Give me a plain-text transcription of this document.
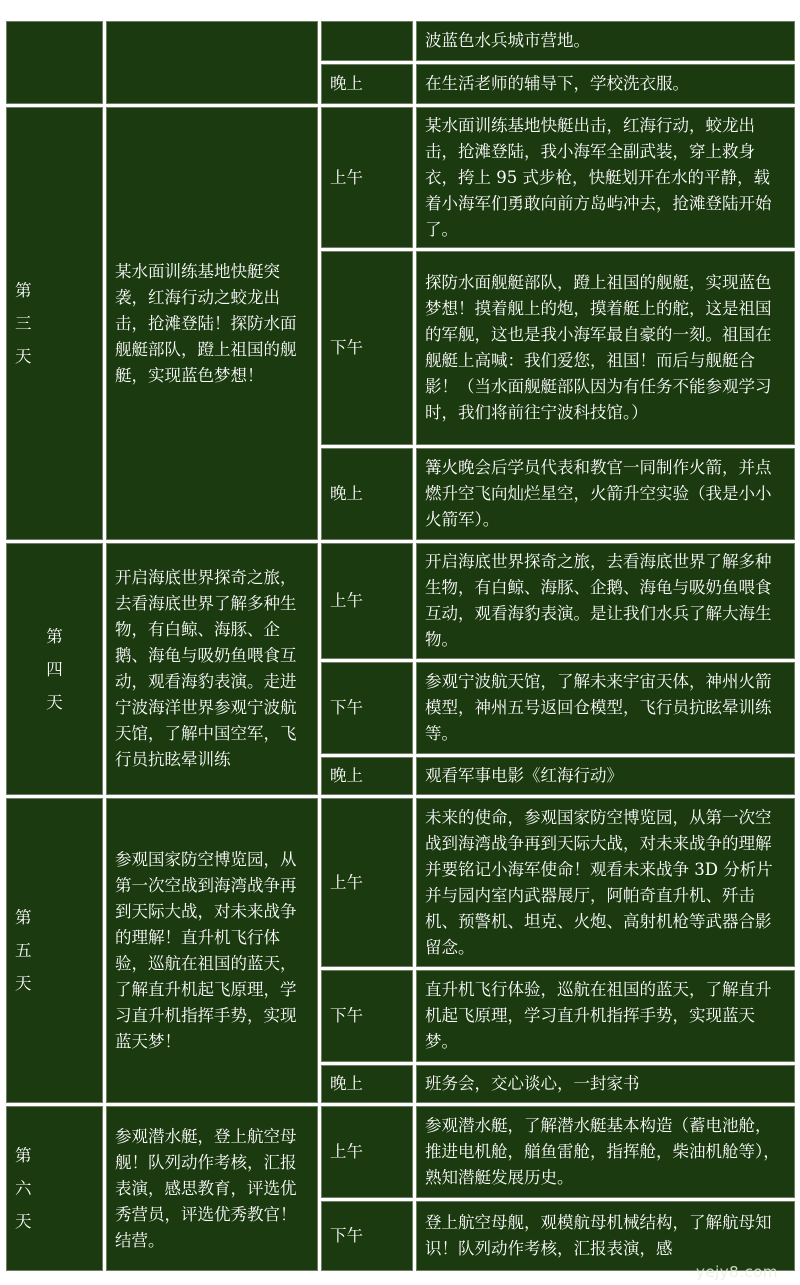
			波蓝色水兵城市营地。
		晚上	在生活老师的辅导下，学校洗衣服。
第三天	某水面训练基地快艇突袭，红海行动之蛟龙出击，抢滩登陆！探防水面舰艇部队，蹬上祖国的舰艇，实现蓝色梦想！	上午	某水面训练基地快艇出击，红海行动，蛟龙出击，抢滩登陆，我小海军全副武装，穿上救身衣，挎上 95 式步枪，快艇划开在水的平静，载着小海军们勇敢向前方岛屿冲去，抢滩登陆开始了。
		下午	探防水面舰艇部队，蹬上祖国的舰艇，实现蓝色梦想！摸着舰上的炮，摸着艇上的舵，这是祖国的军舰，这也是我小海军最自豪的一刻。祖国在舰艇上高喊：我们爱您，祖国！而后与舰艇合影！（当水面舰艇部队因为有任务不能参观学习时，我们将前往宁波科技馆。）
		晚上	篝火晚会后学员代表和教官一同制作火箭，并点燃升空飞向灿烂星空，火箭升空实验（我是小小火箭军）。
第四天	开启海底世界探奇之旅，去看海底世界了解多种生物，有白鲸、海豚、企鹅、海龟与吸奶鱼喂食互动，观看海豹表演。走进宁波海洋世界参观宁波航天馆，了解中国空军，飞行员抗眩晕训练	上午	开启海底世界探奇之旅，去看海底世界了解多种生物，有白鲸、海豚、企鹅、海龟与吸奶鱼喂食互动，观看海豹表演。是让我们水兵了解大海生物。
		下午	参观宁波航天馆，了解未来宇宙天体，神州火箭模型，神州五号返回仓模型，飞行员抗眩晕训练等。
		晚上	观看军事电影《红海行动》
第五天	参观国家防空博览园，从第一次空战到海湾战争再到天际大战，对未来战争的理解！直升机飞行体验，巡航在祖国的蓝天，了解直升机起飞原理，学习直升机指挥手势，实现蓝天梦！	上午	未来的使命，参观国家防空博览园，从第一次空战到海湾战争再到天际大战，对未来战争的理解并要铭记小海军使命！观看未来战争 3D 分析片并与园内室内武器展厅，阿帕奇直升机、歼击机、预警机、坦克、火炮、高射机枪等武器合影留念。
		下午	直升机飞行体验，巡航在祖国的蓝天，了解直升机起飞原理，学习直升机指挥手势，实现蓝天梦。
		晚上	班务会，交心谈心，一封家书
第六天	参观潜水艇，登上航空母舰！队列动作考核，汇报表演，感思教育，评选优秀营员，评选优秀教官！结营。	上午	参观潜水艇，了解潜水艇基本构造（蓄电池舱，推进电机舱，艏鱼雷舱，指挥舱，柴油机舱等），熟知潜艇发展历史。
		下午	登上航空母舰，观模航母机械结构，了解航母知识！队列动作考核，汇报表演，感
yejy8.com
